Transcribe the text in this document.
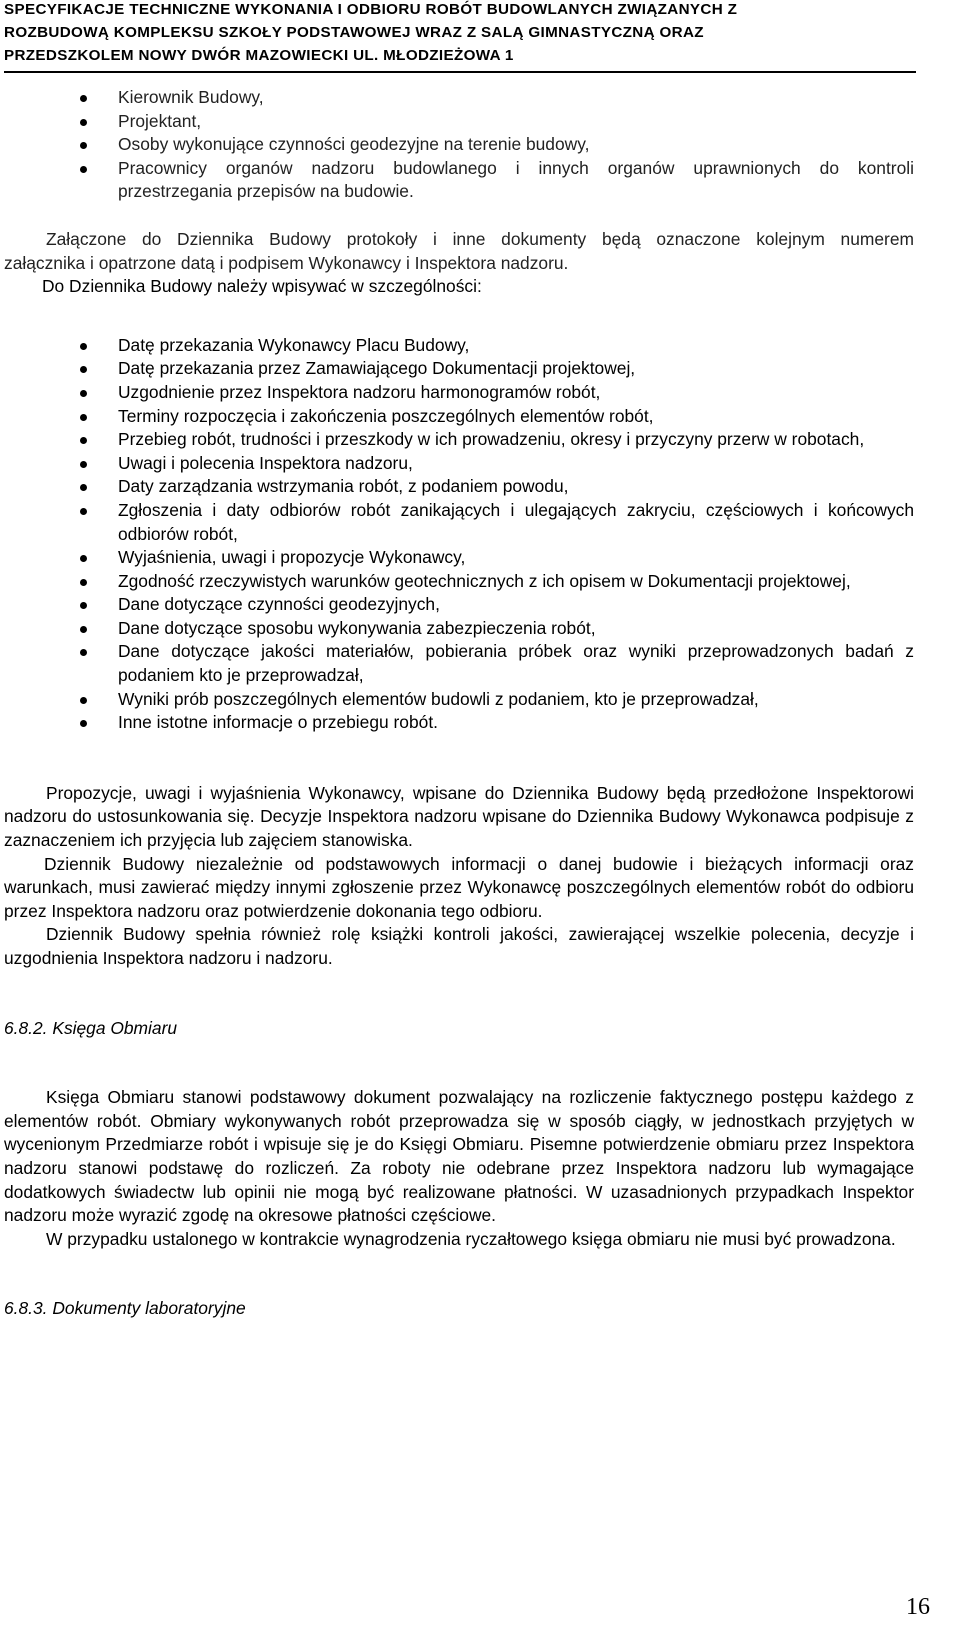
SPECYFIKACJE TECHNICZNE WYKONANIA I ODBIORU ROBÓT BUDOWLANYCH ZWIĄZANYCH Z
ROZBUDOWĄ KOMPLEKSU SZKOŁY PODSTAWOWEJ WRAZ Z SALĄ GIMNASTYCZNĄ ORAZ
PRZEDSZKOLEM NOWY DWÓR MAZOWIECKI UL. MŁODZIEŻOWA 1
Kierownik Budowy,
Projektant,
Osoby wykonujące czynności geodezyjne na terenie budowy,
Pracownicy organów nadzoru budowlanego i innych organów uprawnionych do kontroli
przestrzegania przepisów na budowie.

Załączone do Dziennika Budowy protokoły i inne dokumenty będą oznaczone kolejnym numerem

załącznika i opatrzone datą i podpisem Wykonawcy i Inspektora nadzoru.

Do Dziennika Budowy należy wpisywać w szczególności:

Datę przekazania Wykonawcy Placu Budowy,
Datę przekazania przez Zamawiającego Dokumentacji projektowej,
Uzgodnienie przez Inspektora nadzoru harmonogramów robót,
Terminy rozpoczęcia i zakończenia poszczególnych elementów robót,
Przebieg robót, trudności i przeszkody w ich prowadzeniu, okresy i przyczyny przerw w robotach,
Uwagi i polecenia Inspektora nadzoru,
Daty zarządzania wstrzymania robót, z podaniem powodu,
Zgłoszenia i daty odbiorów robót zanikających i ulegających zakryciu, częściowych i końcowych odbiorów robót,
Wyjaśnienia, uwagi i propozycje Wykonawcy,
Zgodność rzeczywistych warunków geotechnicznych z ich opisem w Dokumentacji projektowej,
Dane dotyczące czynności geodezyjnych,
Dane dotyczące sposobu wykonywania zabezpieczenia robót,
Dane dotyczące jakości materiałów, pobierania próbek oraz wyniki przeprowadzonych badań z podaniem kto je przeprowadzał,
Wyniki prób poszczególnych elementów budowli z podaniem, kto je przeprowadzał,
Inne istotne informacje o przebiegu robót.

Propozycje, uwagi i wyjaśnienia Wykonawcy, wpisane do Dziennika Budowy będą przedłożone Inspektorowi nadzoru do ustosunkowania się. Decyzje Inspektora nadzoru wpisane do Dziennika Budowy Wykonawca podpisuje z zaznaczeniem ich przyjęcia lub zajęciem stanowiska.

Dziennik Budowy niezależnie od podstawowych informacji o danej budowie i bieżących informacji oraz warunkach, musi zawierać między innymi zgłoszenie przez Wykonawcę poszczególnych elementów robót do odbioru przez Inspektora nadzoru oraz potwierdzenie dokonania tego odbioru.

Dziennik Budowy spełnia również rolę książki kontroli jakości, zawierającej wszelkie polecenia, decyzje i uzgodnienia Inspektora nadzoru i nadzoru.

6.8.2. Księga Obmiaru

Księga Obmiaru stanowi podstawowy dokument pozwalający na rozliczenie faktycznego postępu każdego z elementów robót. Obmiary wykonywanych robót przeprowadza się w sposób ciągły, w jednostkach przyjętych w wycenionym Przedmiarze robót i wpisuje się je do Księgi Obmiaru. Pisemne potwierdzenie obmiaru przez Inspektora nadzoru stanowi podstawę do rozliczeń. Za roboty nie odebrane przez Inspektora nadzoru lub wymagające dodatkowych świadectw lub opinii nie mogą być realizowane płatności. W uzasadnionych przypadkach Inspektor nadzoru może wyrazić zgodę na okresowe płatności częściowe.

W przypadku ustalonego w kontrakcie wynagrodzenia ryczałtowego księga obmiaru nie musi być prowadzona.

6.8.3. Dokumenty laboratoryjne

16
